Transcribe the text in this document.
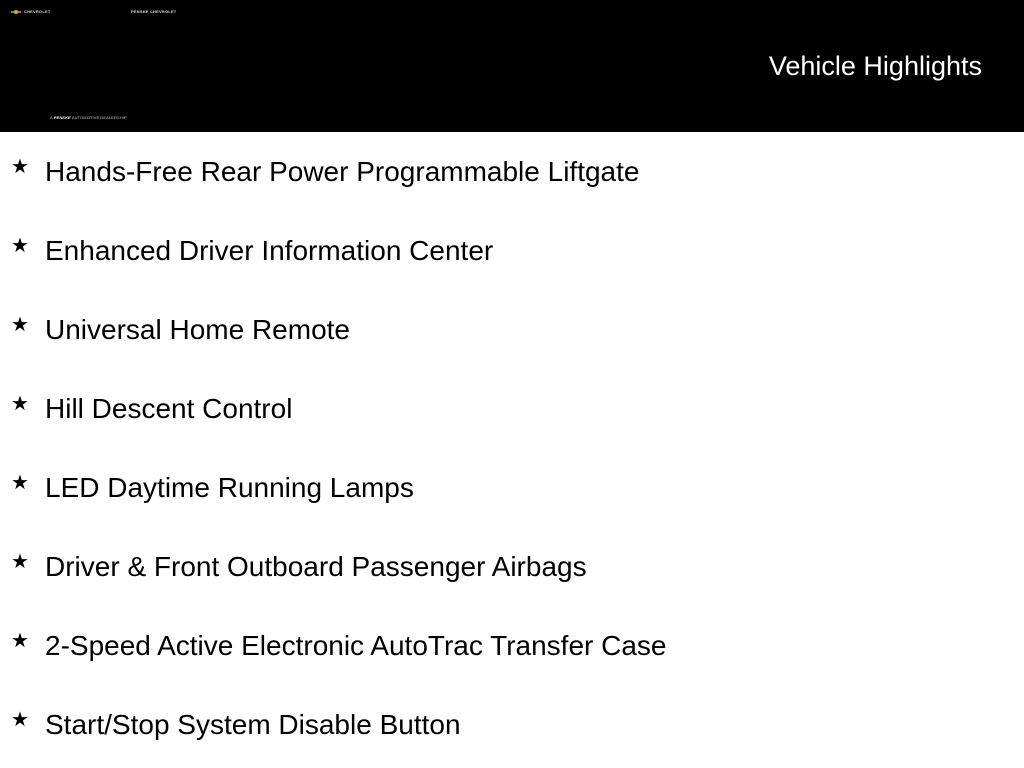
CHEVROLET	PENSKE CHEVROLET
A PENSKE AUTOMOTIVE DEALERSHIP
Vehicle Highlights
★ Hands-Free Rear Power Programmable Liftgate
★ Enhanced Driver Information Center
★ Universal Home Remote
★ Hill Descent Control
★ LED Daytime Running Lamps
★ Driver & Front Outboard Passenger Airbags
★ 2-Speed Active Electronic AutoTrac Transfer Case
★ Start/Stop System Disable Button
